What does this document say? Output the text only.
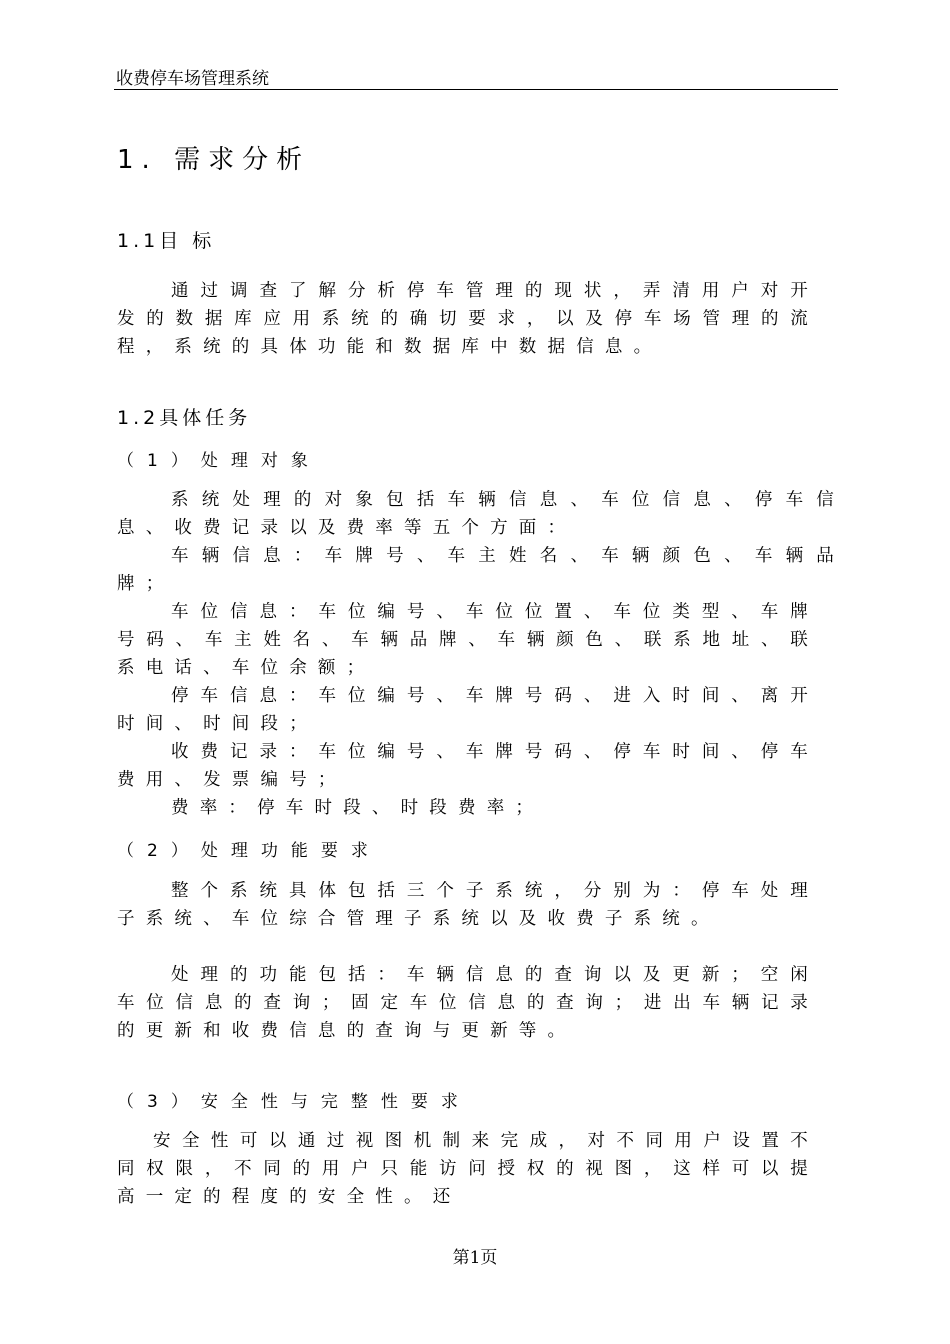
收费停车场管理系统
1. 需求分析
1.1目 标

通过调查了解分析停车管理的现状，弄清用户对开发的数据库应用系统的确切要求，以及停车场管理的流程，系统的具体功能和数据库中数据信息。

1.2具体任务
（1）处理对象

系统处理的对象包括车辆信息、车位信息、停车信息、收费记录以及费率等五个方面：

车辆信息：车牌号、车主姓名、车辆颜色、车辆品牌；

车位信息：车位编号、车位位置、车位类型、车牌号码、车主姓名、车辆品牌、车辆颜色、联系地址、联系电话、车位余额；

停车信息：车位编号、车牌号码、进入时间、离开时间、时间段；

收费记录：车位编号、车牌号码、停车时间、停车费用、发票编号；

费率：停车时段、时段费率；

（2）处理功能要求

整个系统具体包括三个子系统，分别为：停车处理子系统、车位综合管理子系统以及收费子系统。

处理的功能包括：车辆信息的查询以及更新；空闲车位信息的查询；固定车位信息的查询；进出车辆记录的更新和收费信息的查询与更新等。

（3）安全性与完整性要求

安全性可以通过视图机制来完成，对不同用户设置不同权限，不同的用户只能访问授权的视图，这样可以提高一定的程度的安全性。还

第1页
